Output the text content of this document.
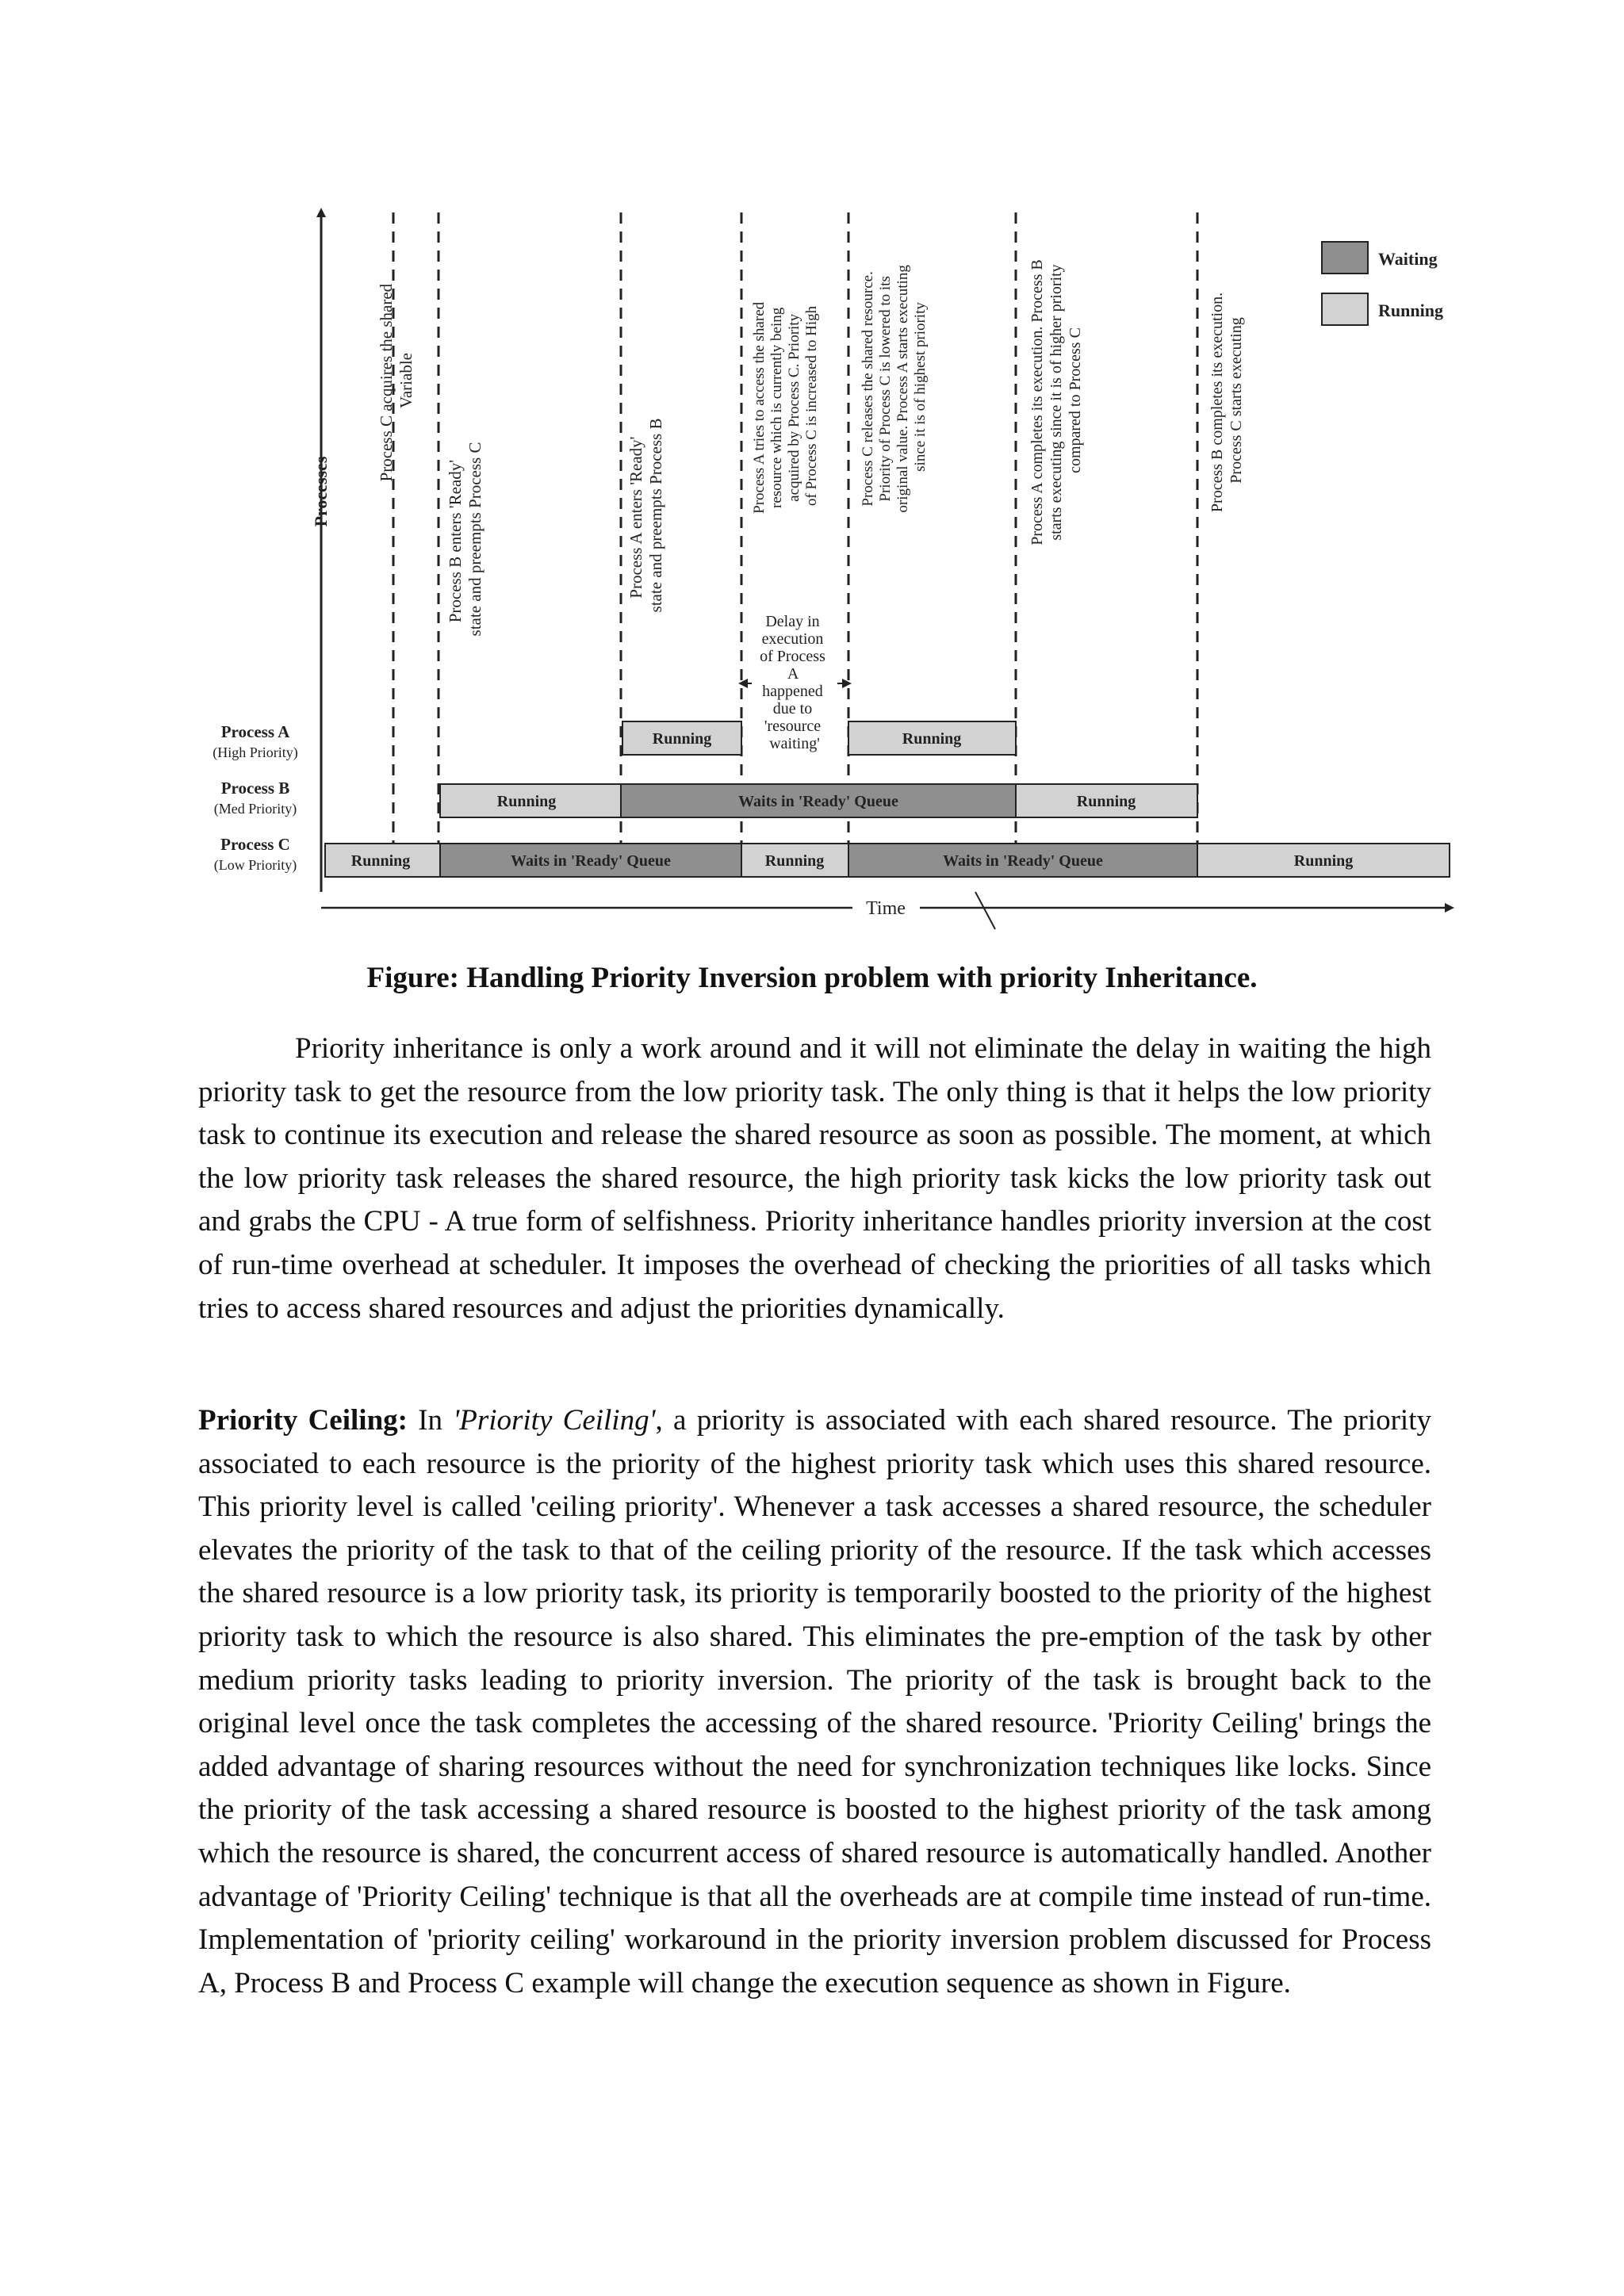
Time
Processes
Process C acquires the shared Variable
Process B enters 'Ready' state and preempts Process C	Process A enters 'Ready' state and preempts Process B
Process A tries to access the shared resource which is currently being acquired by Process C. Priority of Process C is increased to High	Process C releases the shared resource. Priority of Process C is lowered to its original value. Process A starts executing since it is of highest priority	Process A completes its execution. Process B starts executing since it is of higher priority compared to Process C	Process B completes its execution. Process C starts executing
Delay in execution of Process A happened due to 'resource waiting'
Process A
(High Priority)
Process B
(Med Priority)
Process C
(Low Priority)
Running	Running
Running	Waits in 'Ready' Queue	Running
Running	Waits in 'Ready' Queue	Running	Waits in 'Ready' Queue	Running
Waiting
Running
Figure: Handling Priority Inversion problem with priority Inheritance.

Priority inheritance is only a work around and it will not eliminate the delay in waiting the high priority task to get the resource from the low priority task. The only thing is that it helps the low priority task to continue its execution and release the shared resource as soon as possible. The moment, at which the low priority task releases the shared resource, the high priority task kicks the low priority task out and grabs the CPU - A true form of selfishness. Priority inheritance handles priority inversion at the cost of run-time overhead at scheduler. It imposes the overhead of checking the priorities of all tasks which tries to access shared resources and adjust the priorities dynamically.

Priority Ceiling: In 'Priority Ceiling', a priority is associated with each shared resource. The priority associated to each resource is the priority of the highest priority task which uses this shared resource. This priority level is called 'ceiling priority'. Whenever a task accesses a shared resource, the scheduler elevates the priority of the task to that of the ceiling priority of the resource. If the task which accesses the shared resource is a low priority task, its priority is temporarily boosted to the priority of the highest priority task to which the resource is also shared. This eliminates the pre-emption of the task by other medium priority tasks leading to priority inversion. The priority of the task is brought back to the original level once the task completes the accessing of the shared resource. 'Priority Ceiling' brings the added advantage of sharing resources without the need for synchronization techniques like locks. Since the priority of the task accessing a shared resource is boosted to the highest priority of the task among which the resource is shared, the concurrent access of shared resource is automatically handled. Another advantage of 'Priority Ceiling' technique is that all the overheads are at compile time instead of run-time. Implementation of 'priority ceiling' workaround in the priority inversion problem discussed for Process A, Process B and Process C example will change the execution sequence as shown in Figure.
